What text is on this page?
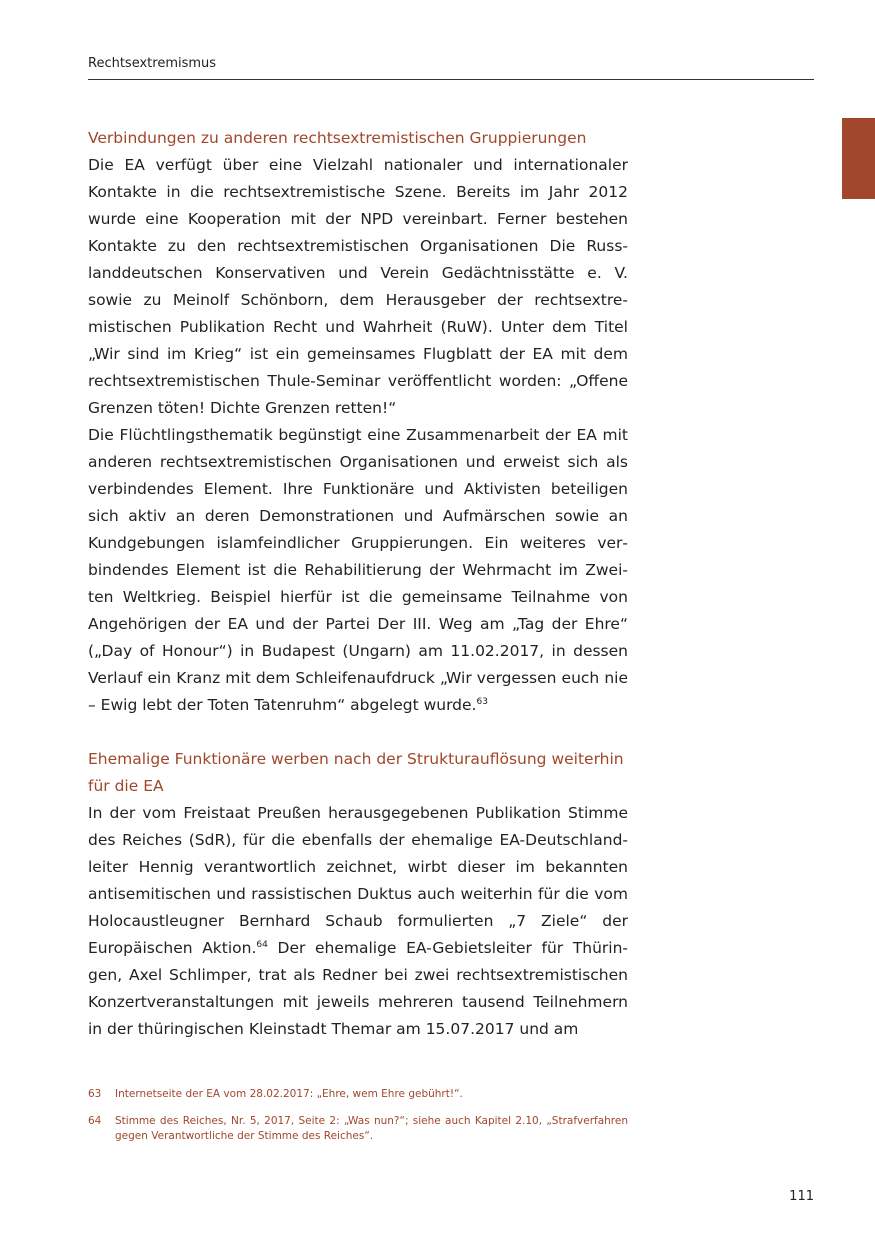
Rechtsextremismus
Verbindungen zu anderen rechtsextremistischen Gruppierungen

Die EA verfügt über eine Vielzahl nationaler und internationaler Kontakte in die rechtsextremistische Szene. Bereits im Jahr 2012 wurde eine Kooperation mit der NPD vereinbart. Ferner bestehen Kontakte zu den rechtsextremistischen Organisationen Die Russlanddeutschen Konservativen und Verein Gedächtnisstätte e. V. sowie zu Meinolf Schönborn, dem Herausgeber der rechtsextremistischen Publikation Recht und Wahrheit (RuW). Unter dem Titel „Wir sind im Krieg“ ist ein gemeinsames Flugblatt der EA mit dem rechtsextremistischen Thule-Seminar veröffentlicht worden: „Offene Grenzen töten! Dichte Grenzen retten!“

Die Flüchtlingsthematik begünstigt eine Zusammenarbeit der EA mit anderen rechtsextremistischen Organisationen und erweist sich als verbindendes Element. Ihre Funktionäre und Aktivisten beteiligen sich aktiv an deren Demonstrationen und Aufmärschen sowie an Kundgebungen islamfeindlicher Gruppierungen. Ein weiteres verbindendes Element ist die Rehabilitierung der Wehrmacht im Zweiten Weltkrieg. Beispiel hierfür ist die gemeinsame Teilnahme von Angehörigen der EA und der Partei Der III. Weg am „Tag der Ehre“ („Day of Honour“) in Budapest (Ungarn) am 11.02.2017, in dessen Verlauf ein Kranz mit dem Schleifenaufdruck „Wir vergessen euch nie – Ewig lebt der Toten Tatenruhm“ abgelegt wurde.$^{63}$

Ehemalige Funktionäre werben nach der Strukturauflösung weiterhin für die EA

In der vom Freistaat Preußen herausgegebenen Publikation Stimme des Reiches (SdR), für die ebenfalls der ehemalige EA-Deutschlandleiter Hennig verantwortlich zeichnet, wirbt dieser im bekannten antisemitischen und rassistischen Duktus auch weiterhin für die vom Holocaustleugner Bernhard Schaub formulierten „7 Ziele“ der Europäischen Aktion.$^{64}$ Der ehemalige EA-Gebietsleiter für Thüringen, Axel Schlimper, trat als Redner bei zwei rechtsextremistischen Konzertveranstaltungen mit jeweils mehreren tausend Teilnehmern in der thüringischen Kleinstadt Themar am 15.07.2017 und am

63	Internetseite der EA vom 28.02.2017: „Ehre, wem Ehre gebührt!“.
64	Stimme des Reiches, Nr. 5, 2017, Seite 2: „Was nun?“; siehe auch Kapitel 2.10, „Strafverfahren gegen Verantwortliche der Stimme des Reiches“.
111
